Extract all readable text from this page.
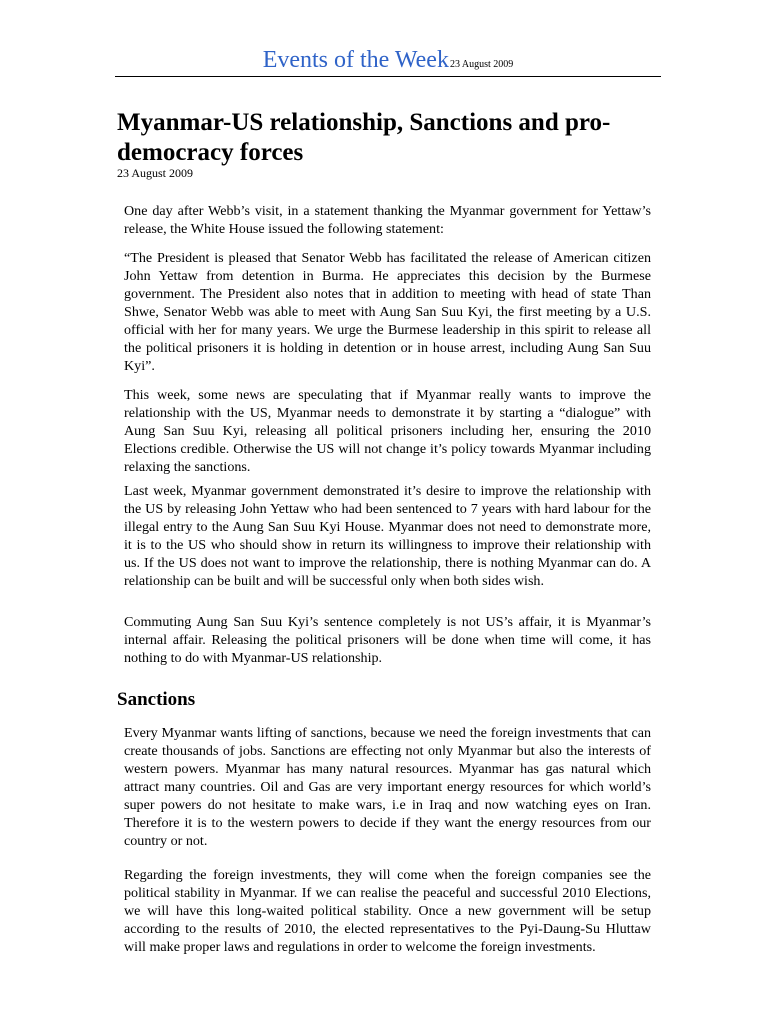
Events of the Week23 August 2009
Myanmar-US relationship, Sanctions and pro-democracy forces
23 August 2009

One day after Webb’s visit, in a statement thanking the Myanmar government for Yettaw’s release, the White House issued the following statement:

“The President is pleased that Senator Webb has facilitated the release of American citizen John Yettaw from detention in Burma. He appreciates this decision by the Burmese government. The President also notes that in addition to meeting with head of state Than Shwe, Senator Webb was able to meet with Aung San Suu Kyi, the first meeting by a U.S. official with her for many years. We urge the Burmese leadership in this spirit to release all the political prisoners it is holding in detention or in house arrest, including Aung San Suu Kyi”.

This week, some news are speculating that if Myanmar really wants to improve the relationship with the US, Myanmar needs to demonstrate it by starting a “dialogue” with Aung San Suu Kyi, releasing all political prisoners including her, ensuring the 2010 Elections credible. Otherwise the US will not change it’s policy towards Myanmar including relaxing the sanctions.

Last week, Myanmar government demonstrated it’s desire to improve the relationship with the US by releasing John Yettaw who had been sentenced to 7 years with hard labour for the illegal entry to the Aung San Suu Kyi House. Myanmar does not need to demonstrate more, it is to the US who should show in return its willingness to improve their relationship with us. If the US does not want to improve the relationship, there is nothing Myanmar can do. A relationship can be built and will be successful only when both sides wish.

Commuting Aung San Suu Kyi’s sentence completely is not US’s affair, it is Myanmar’s internal affair. Releasing the political prisoners will be done when time will come, it has nothing to do with Myanmar-US relationship.

Sanctions

Every Myanmar wants lifting of sanctions, because we need the foreign investments that can create thousands of jobs. Sanctions are effecting not only Myanmar but also the interests of western powers. Myanmar has many natural resources. Myanmar has gas natural which attract many countries. Oil and Gas are very important energy resources for which world’s super powers do not hesitate to make wars, i.e in Iraq and now watching eyes on Iran. Therefore it is to the western powers to decide if they want the energy resources from our country or not.

Regarding the foreign investments, they will come when the foreign companies see the political stability in Myanmar. If we can realise the peaceful and successful 2010 Elections, we will have this long-waited political stability. Once a new government will be setup according to the results of 2010, the elected representatives to the Pyi-Daung-Su Hluttaw will make proper laws and regulations in order to welcome the foreign investments.
